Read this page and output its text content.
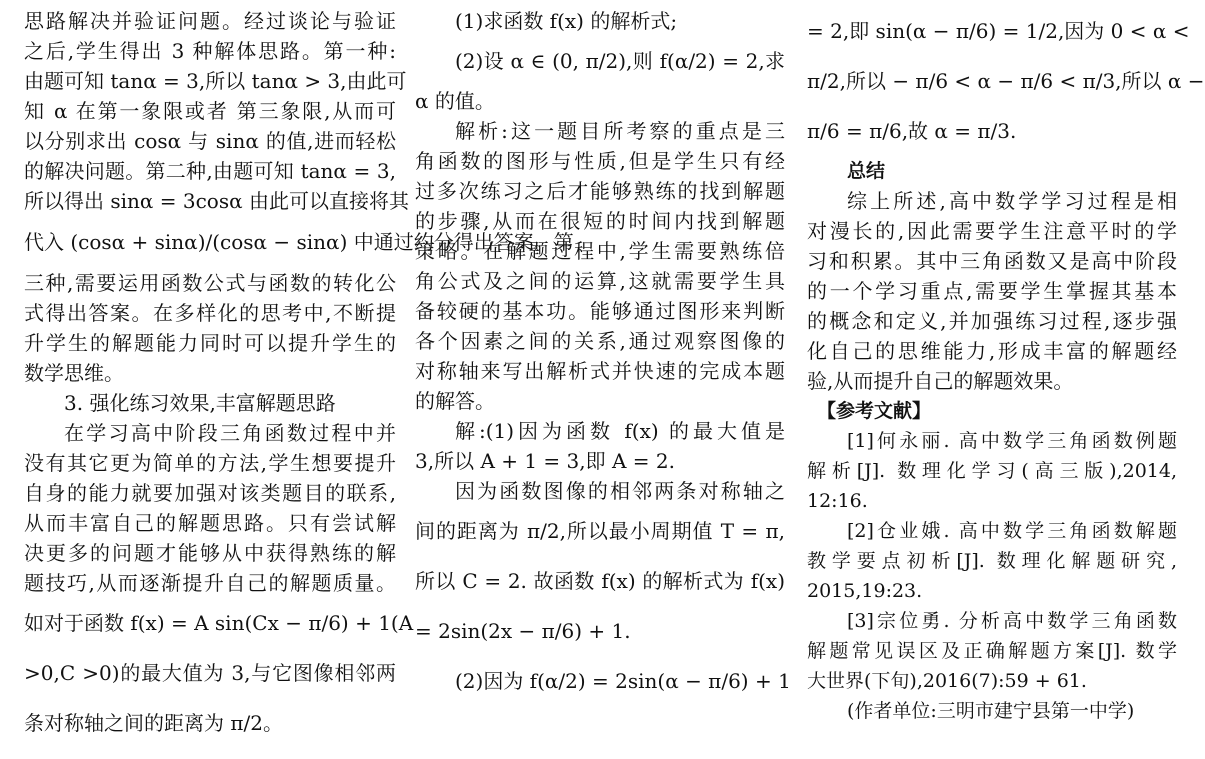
思路解决并验证问题。经过谈论与验证
之后,学生得出 3 种解体思路。第一种:
由题可知 tanα = 3,所以 tanα > 3,由此可
知 α 在第一象限或者 第三象限,从而可
以分别求出 cosα 与 sinα 的值,进而轻松
的解决问题。第二种,由题可知 tanα = 3,
所以得出 sinα = 3cosα 由此可以直接将其
代入 (cosα + sinα)/(cosα − sinα) 中通过约分得出答案。第
三种,需要运用函数公式与函数的转化公
式得出答案。在多样化的思考中,不断提
升学生的解题能力同时可以提升学生的
数学思维。
3. 强化练习效果,丰富解题思路
在学习高中阶段三角函数过程中并
没有其它更为简单的方法,学生想要提升
自身的能力就要加强对该类题目的联系,
从而丰富自己的解题思路。只有尝试解
决更多的问题才能够从中获得熟练的解
题技巧,从而逐渐提升自己的解题质量。
如对于函数 f(x) = A sin(Cx − π/6) + 1(A
>0,C >0)的最大值为 3,与它图像相邻两
条对称轴之间的距离为 π/2。
(1)求函数 f(x) 的解析式;
(2)设 α ∈ (0, π/2),则 f(α/2) = 2,求
α 的值。
解析:这一题目所考察的重点是三
角函数的图形与性质,但是学生只有经
过多次练习之后才能够熟练的找到解题
的步骤,从而在很短的时间内找到解题
策略。在解题过程中,学生需要熟练倍
角公式及之间的运算,这就需要学生具
备较硬的基本功。能够通过图形来判断
各个因素之间的关系,通过观察图像的
对称轴来写出解析式并快速的完成本题
的解答。
解:(1)因为函数 f(x) 的最大值是
3,所以 A + 1 = 3,即 A = 2.
因为函数图像的相邻两条对称轴之
间的距离为 π/2,所以最小周期值 T = π,
所以 C = 2. 故函数 f(x) 的解析式为 f(x)
= 2sin(2x − π/6) + 1.
(2)因为 f(α/2) = 2sin(α − π/6) + 1
= 2,即 sin(α − π/6) = 1/2,因为 0 < α <
π/2,所以 − π/6 < α − π/6 < π/3,所以 α −
π/6 = π/6,故 α = π/3.
总结
综上所述,高中数学学习过程是相
对漫长的,因此需要学生注意平时的学
习和积累。其中三角函数又是高中阶段
的一个学习重点,需要学生掌握其基本
的概念和定义,并加强练习过程,逐步强
化自己的思维能力,形成丰富的解题经
验,从而提升自己的解题效果。
【参考文献】
[1]何永丽. 高中数学三角函数例题
解析[J]. 数理化学习(高三版),2014,
12:16.
[2]仓业娥. 高中数学三角函数解题
教学要点初析[J]. 数理化解题研究,
2015,19:23.
[3]宗位勇. 分析高中数学三角函数
解题常见误区及正确解题方案[J]. 数学
大世界(下旬),2016(7):59 + 61.
(作者单位:三明市建宁县第一中学)
